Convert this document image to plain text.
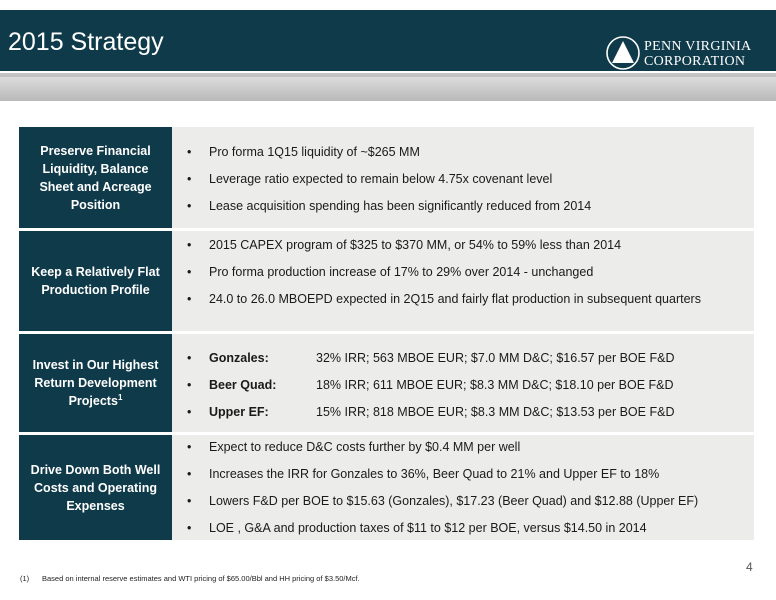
2015 Strategy	PENN VIRGINIA
CORPORATION
Preserve Financial Liquidity, Balance Sheet and Acreage Position
• Pro forma 1Q15 liquidity of ~$265 MM
• Leverage ratio expected to remain below 4.75x covenant level
• Lease acquisition spending has been significantly reduced from 2014
Keep a Relatively Flat Production Profile
• 2015 CAPEX program of $325 to $370 MM, or 54% to 59% less than 2014
• Pro forma production increase of 17% to 29% over 2014 - unchanged
• 24.0 to 26.0 MBOEPD expected in 2Q15 and fairly flat production in subsequent quarters
Invest in Our Highest Return Development Projects$^1$
• Gonzales:	32% IRR; 563 MBOE EUR; $7.0 MM D&C; $16.57 per BOE F&D
• Beer Quad:	18% IRR; 611 MBOE EUR; $8.3 MM D&C; $18.10 per BOE F&D
• Upper EF:	15% IRR; 818 MBOE EUR; $8.3 MM D&C; $13.53 per BOE F&D
Drive Down Both Well Costs and Operating Expenses
• Expect to reduce D&C costs further by $0.4 MM per well
• Increases the IRR for Gonzales to 36%, Beer Quad to 21% and Upper EF to 18%
• Lowers F&D per BOE to $15.63 (Gonzales), $17.23 (Beer Quad) and $12.88 (Upper EF)
• LOE , G&A and production taxes of $11 to $12 per BOE, versus $14.50 in 2014
4
(1) Based on internal reserve estimates and WTI pricing of $65.00/Bbl and HH pricing of $3.50/Mcf.
